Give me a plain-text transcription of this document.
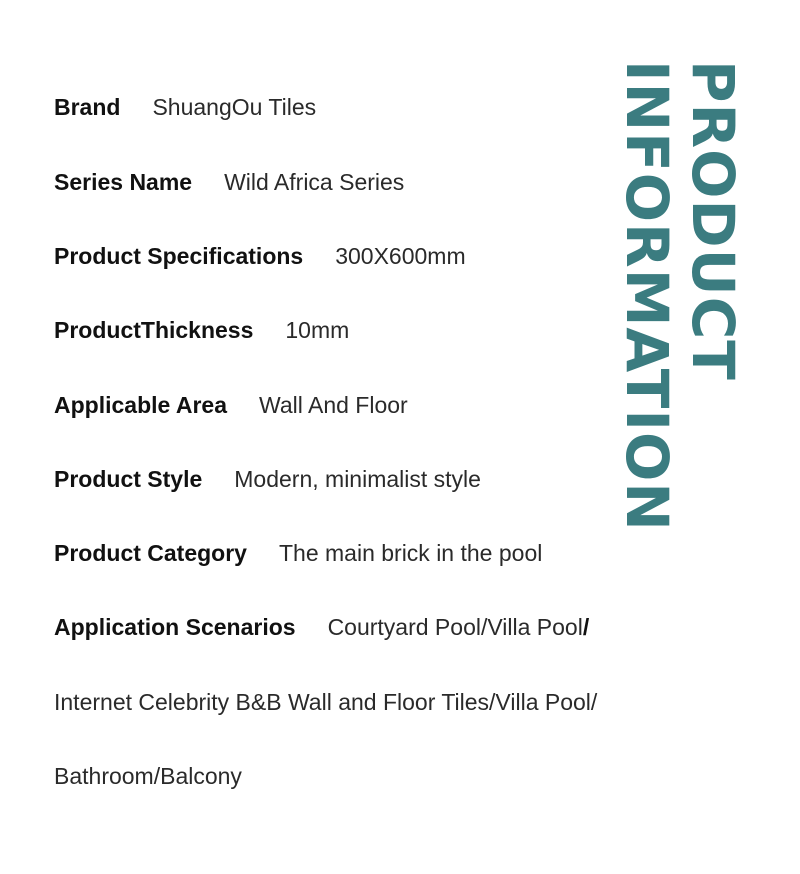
Brand ShuangOu Tiles
Series Name Wild Africa Series
Product Specifications 300X600mm
ProductThickness 10mm
Applicable Area Wall And Floor
Product Style Modern, minimalist style
Product Category The main brick in the pool
Application Scenarios Courtyard Pool/Villa Pool/
Internet Celebrity B&B Wall and Floor Tiles/Villa Pool/
Bathroom/Balcony
PRODUCT
INFORMATION
